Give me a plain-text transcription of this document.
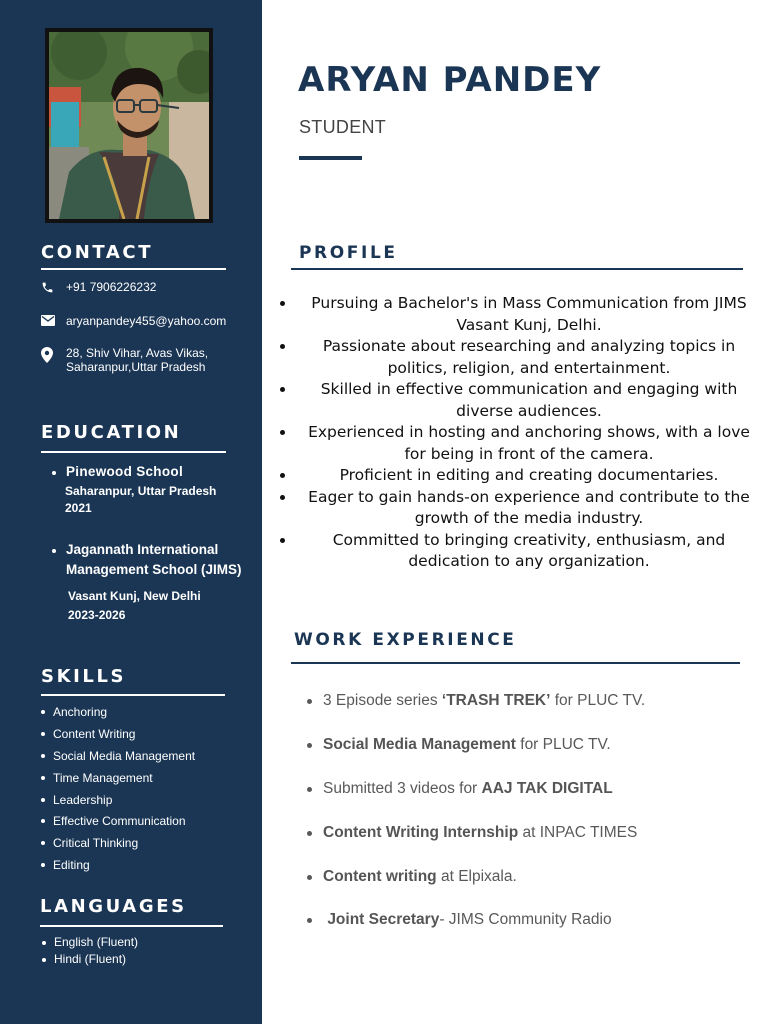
CONTACT
+91 7906226232
aryanpandey455@yahoo.com
28, Shiv Vihar, Avas Vikas,
Saharanpur,Uttar Pradesh
EDUCATION
Pinewood School
Saharanpur, Uttar Pradesh
2021
Jagannath International
Management School (JIMS)
Vasant Kunj, New Delhi
2023-2026
SKILLS
Anchoring
Content Writing
Social Media Management
Time Management
Leadership
Effective Communication
Critical Thinking
Editing
LANGUAGES
English (Fluent)
Hindi (Fluent)
ARYAN PANDEY
STUDENT
PROFILE
Pursuing a Bachelor's in Mass Communication from JIMS Vasant Kunj, Delhi.
Passionate about researching and analyzing topics in politics, religion, and entertainment.
Skilled in effective communication and engaging with diverse audiences.
Experienced in hosting and anchoring shows, with a love for being in front of the camera.
Proficient in editing and creating documentaries.
Eager to gain hands-on experience and contribute to the growth of the media industry.
Committed to bringing creativity, enthusiasm, and dedication to any organization.
WORK EXPERIENCE
3 Episode series ‘TRASH TREK’ for PLUC TV.
Social Media Management for PLUC TV.
Submitted 3 videos for AAJ TAK DIGITAL
Content Writing Internship at INPAC TIMES
Content writing at Elpixala.
Joint Secretary- JIMS Community Radio
